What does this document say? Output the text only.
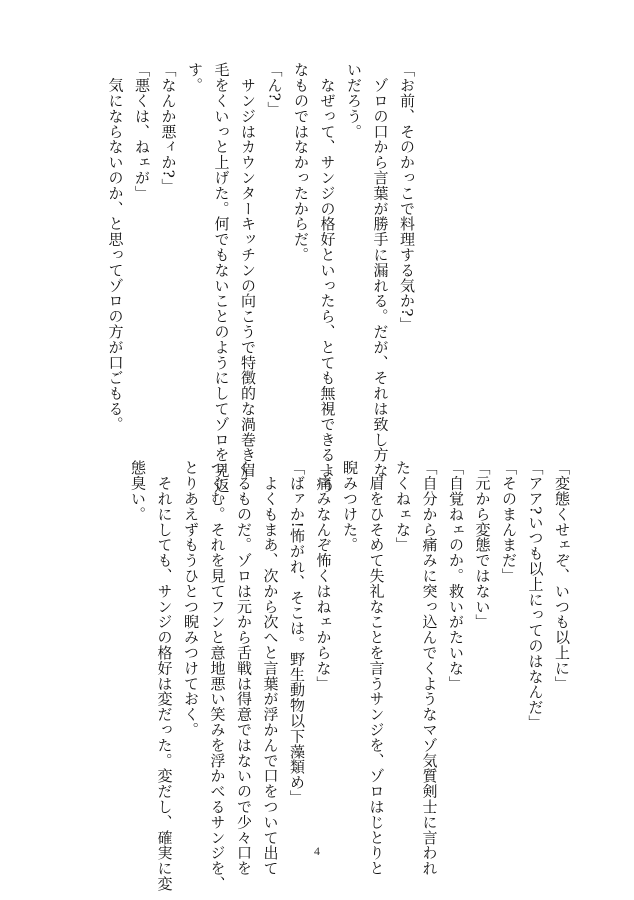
「お前、そのかっこで料理する気か?」
　ゾロの口から言葉が勝手に漏れる。だが、それは致し方な
いだろう。
　なぜって、サンジの格好といったら、とても無視できるよう
なものではなかったからだ。
「ん?」
　サンジはカウンターキッチンの向こうで特徴的な渦巻き眉
毛をくいっと上げた。何でもないことのようにしてゾロを見返
す。
「なんか悪ィか?」
「悪くは、ねェが」
　気にならないのか、と思ってゾロの方が口ごもる。
「変態くせェぞ、いつも以上に」
「アア?いつも以上にってのはなんだ」
「そのまんまだ」
「元から変態ではない」
「自覚ねェのか。救いがたいな」
「自分から痛みに突っ込んでくようなマゾ気質剣士に言われ
たくねェな」
　眉をひそめて失礼なことを言うサンジを、ゾロはじとりと
睨みつけた。
「痛みなんぞ怖くはねェからな」
「ばァか!怖がれ、そこは。野生動物以下藻類め」
　よくもまあ、次から次へと言葉が浮かんで口をついて出て
くるものだ。ゾロは元から舌戦は得意ではないので少々口を
つぐむ。それを見てフンと意地悪い笑みを浮かべるサンジを、
とりあえずもうひとつ睨みつけておく。
　それにしても、サンジの格好は変だった。変だし、確実に変
態臭い。
4
